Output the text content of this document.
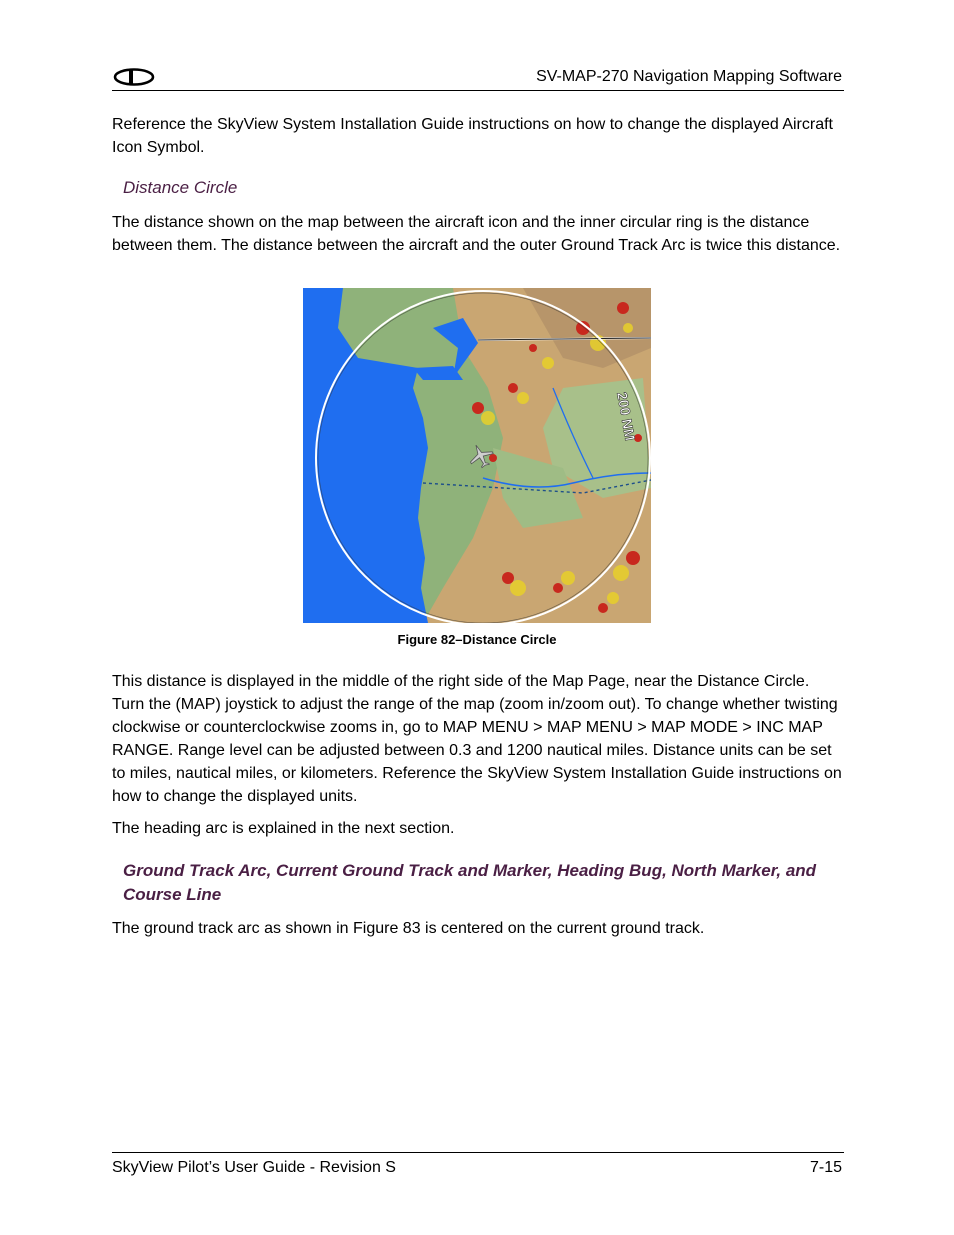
SV-MAP-270 Navigation Mapping Software

Reference the SkyView System Installation Guide instructions on how to change the displayed Aircraft Icon Symbol.

Distance Circle

The distance shown on the map between the aircraft icon and the inner circular ring is the distance between them. The distance between the aircraft and the outer Ground Track Arc is twice this distance.

200 NM
Figure 82–Distance Circle

This distance is displayed in the middle of the right side of the Map Page, near the Distance Circle. Turn the (MAP) joystick to adjust the range of the map (zoom in/zoom out). To change whether twisting clockwise or counterclockwise zooms in, go to MAP MENU > MAP MENU > MAP MODE > INC MAP RANGE. Range level can be adjusted between 0.3 and 1200 nautical miles. Distance units can be set to miles, nautical miles, or kilometers. Reference the SkyView System Installation Guide instructions on how to change the displayed units.

The heading arc is explained in the next section.

Ground Track Arc, Current Ground Track and Marker, Heading Bug, North Marker, and Course Line

The ground track arc as shown in Figure 83 is centered on the current ground track.

SkyView Pilot’s User Guide - Revision S	7-15
